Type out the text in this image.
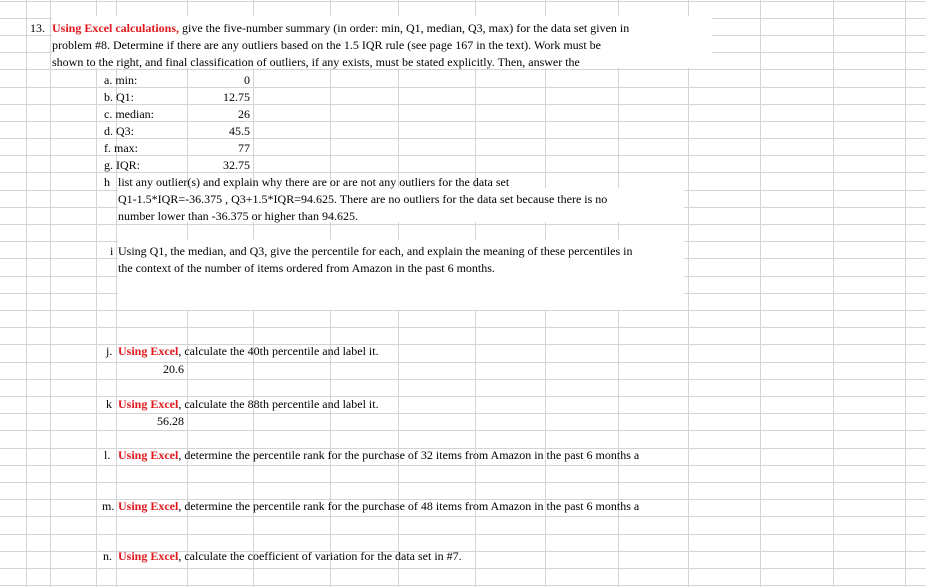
13. Using Excel calculations, give the five-number summary (in order: min, Q1, median, Q3, max) for the data set given in
problem #8. Determine if there are any outliers based on the 1.5 IQR rule (see page 167 in the text). Work must be
shown to the right, and final classification of outliers, if any exists, must be stated explicitly. Then, answer the
a. min:	0
b. Q1:	12.75
c. median:	26
d. Q3:	45.5
f. max:	77
g. IQR:	32.75
h list any outlier(s) and explain why there are or are not any outliers for the data set
Q1-1.5*IQR=-36.375 , Q3+1.5*IQR=94.625. There are no outliers for the data set because there is no
number lower than -36.375 or higher than 94.625.
i Using Q1, the median, and Q3, give the percentile for each, and explain the meaning of these percentiles in
the context of the number of items ordered from Amazon in the past 6 months.
j. Using Excel, calculate the 40th percentile and label it.
20.6
k Using Excel, calculate the 88th percentile and label it.
56.28
l. Using Excel, determine the percentile rank for the purchase of 32 items from Amazon in the past 6 months a
m. Using Excel, determine the percentile rank for the purchase of 48 items from Amazon in the past 6 months a
n. Using Excel, calculate the coefficient of variation for the data set in #7.
